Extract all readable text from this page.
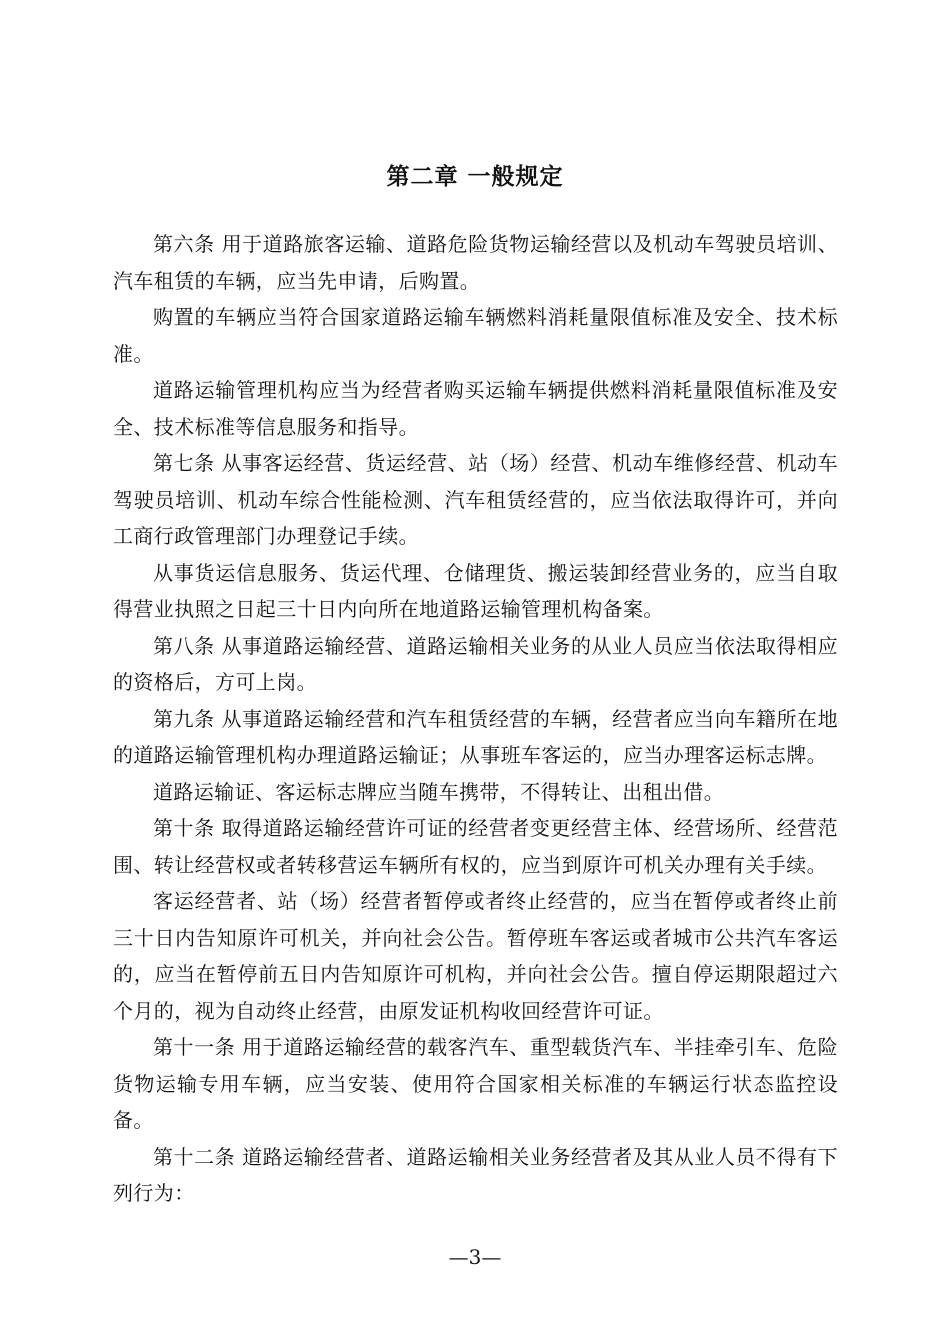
第二章 一般规定

第六条 用于道路旅客运输、道路危险货物运输经营以及机动车驾驶员培训、汽车租赁的车辆，应当先申请，后购置。

购置的车辆应当符合国家道路运输车辆燃料消耗量限值标准及安全、技术标准。

道路运输管理机构应当为经营者购买运输车辆提供燃料消耗量限值标准及安全、技术标准等信息服务和指导。

第七条 从事客运经营、货运经营、站（场）经营、机动车维修经营、机动车驾驶员培训、机动车综合性能检测、汽车租赁经营的，应当依法取得许可，并向工商行政管理部门办理登记手续。

从事货运信息服务、货运代理、仓储理货、搬运装卸经营业务的，应当自取得营业执照之日起三十日内向所在地道路运输管理机构备案。

第八条 从事道路运输经营、道路运输相关业务的从业人员应当依法取得相应的资格后，方可上岗。

第九条 从事道路运输经营和汽车租赁经营的车辆，经营者应当向车籍所在地的道路运输管理机构办理道路运输证；从事班车客运的，应当办理客运标志牌。

道路运输证、客运标志牌应当随车携带，不得转让、出租出借。

第十条 取得道路运输经营许可证的经营者变更经营主体、经营场所、经营范围、转让经营权或者转移营运车辆所有权的，应当到原许可机关办理有关手续。

客运经营者、站（场）经营者暂停或者终止经营的，应当在暂停或者终止前三十日内告知原许可机关，并向社会公告。暂停班车客运或者城市公共汽车客运的，应当在暂停前五日内告知原许可机构，并向社会公告。擅自停运期限超过六个月的，视为自动终止经营，由原发证机构收回经营许可证。

第十一条 用于道路运输经营的载客汽车、重型载货汽车、半挂牵引车、危险货物运输专用车辆，应当安装、使用符合国家相关标准的车辆运行状态监控设备。

第十二条 道路运输经营者、道路运输相关业务经营者及其从业人员不得有下列行为：

—3—
